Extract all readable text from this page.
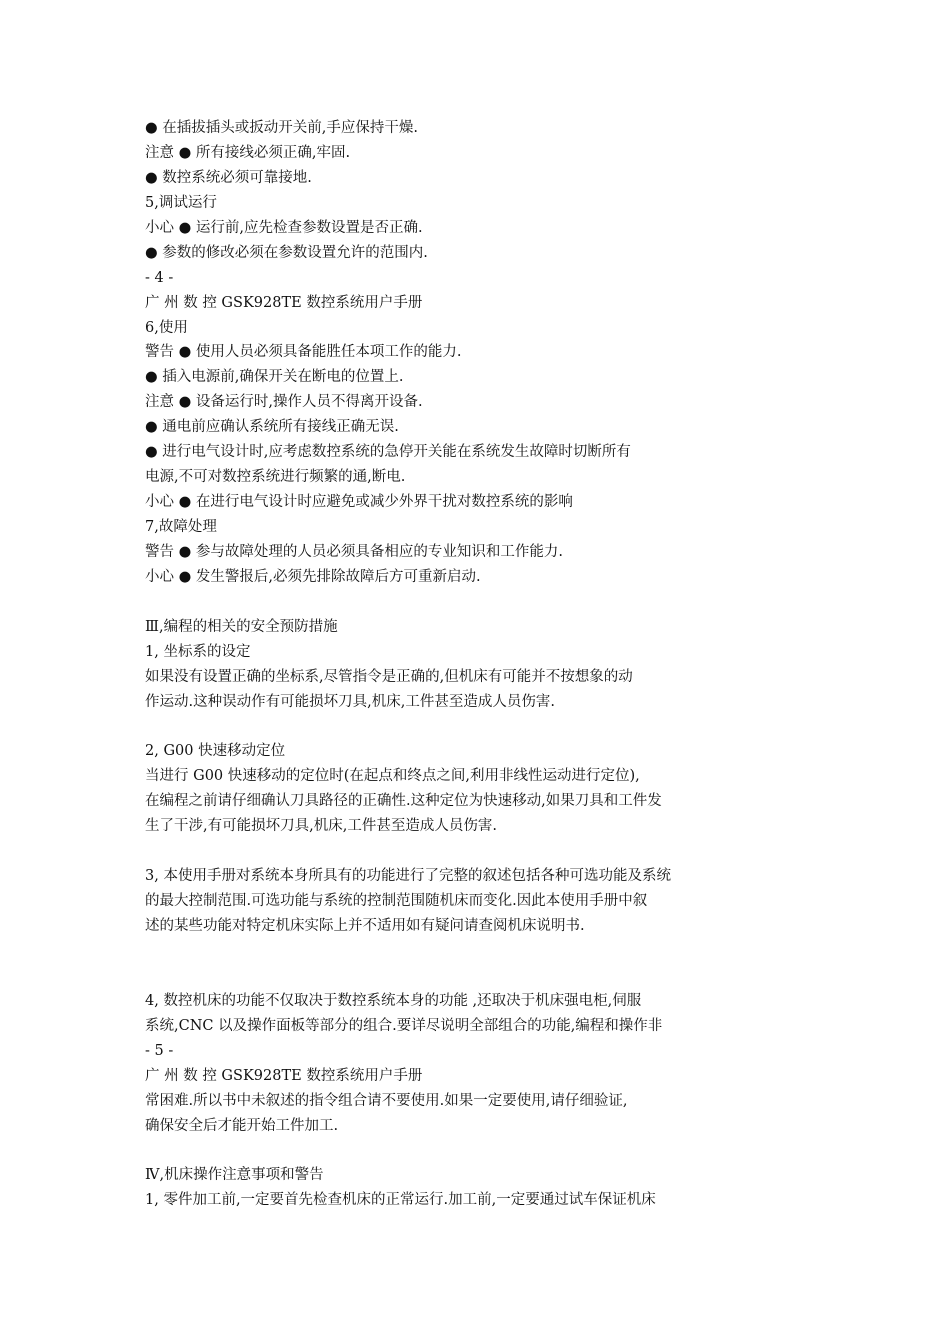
● 在插拔插头或扳动开关前,手应保持干燥.
注意 ● 所有接线必须正确,牢固.
● 数控系统必须可靠接地.
5,调试运行
小心 ● 运行前,应先检查参数设置是否正确.
● 参数的修改必须在参数设置允许的范围内.
- 4 -
广 州 数 控 GSK928TE 数控系统用户手册
6,使用
警告 ● 使用人员必须具备能胜任本项工作的能力.
● 插入电源前,确保开关在断电的位置上.
注意 ● 设备运行时,操作人员不得离开设备.
● 通电前应确认系统所有接线正确无误.
● 进行电气设计时,应考虑数控系统的急停开关能在系统发生故障时切断所有
电源,不可对数控系统进行频繁的通,断电.
小心 ● 在进行电气设计时应避免或减少外界干扰对数控系统的影响
7,故障处理
警告 ● 参与故障处理的人员必须具备相应的专业知识和工作能力.
小心 ● 发生警报后,必须先排除故障后方可重新启动.
Ⅲ,编程的相关的安全预防措施
1, 坐标系的设定
如果没有设置正确的坐标系,尽管指令是正确的,但机床有可能并不按想象的动
作运动.这种误动作有可能损坏刀具,机床,工件甚至造成人员伤害.
2, G00 快速移动定位
当进行 G00 快速移动的定位时(在起点和终点之间,利用非线性运动进行定位),
在编程之前请仔细确认刀具路径的正确性.这种定位为快速移动,如果刀具和工件发
生了干涉,有可能损坏刀具,机床,工件甚至造成人员伤害.
3, 本使用手册对系统本身所具有的功能进行了完整的叙述包括各种可选功能及系统
的最大控制范围.可选功能与系统的控制范围随机床而变化.因此本使用手册中叙
述的某些功能对特定机床实际上并不适用如有疑问请查阅机床说明书.
4, 数控机床的功能不仅取决于数控系统本身的功能 ,还取决于机床强电柜,伺服
系统,CNC 以及操作面板等部分的组合.要详尽说明全部组合的功能,编程和操作非
- 5 -
广 州 数 控 GSK928TE 数控系统用户手册
常困难.所以书中未叙述的指令组合请不要使用.如果一定要使用,请仔细验证,
确保安全后才能开始工件加工.
Ⅳ,机床操作注意事项和警告
1, 零件加工前,一定要首先检查机床的正常运行.加工前,一定要通过试车保证机床
